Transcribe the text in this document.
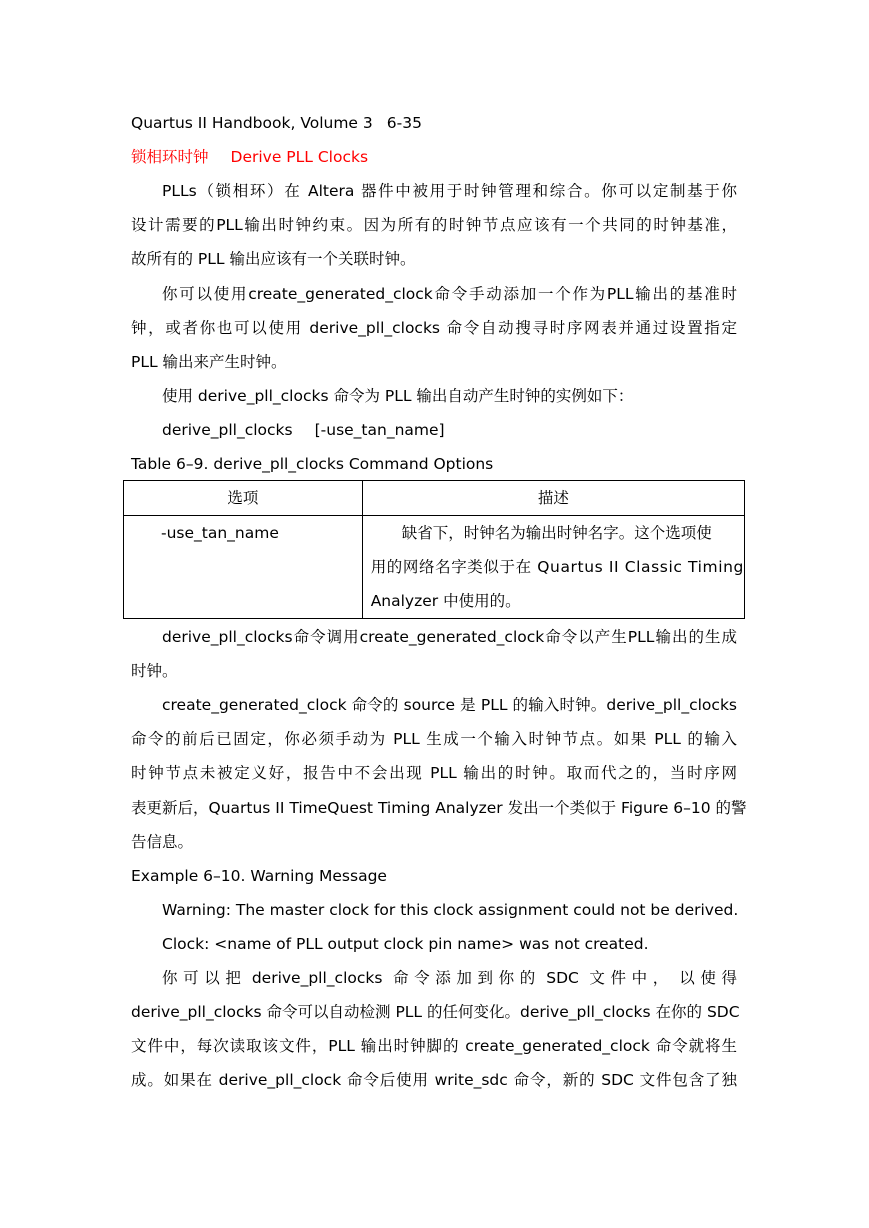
Quartus II Handbook, Volume 3 6-35
锁相环时钟 Derive PLL Clocks
PLLs（锁相环）在 Altera 器件中被用于时钟管理和综合。你可以定制基于你
设计需要的PLL输出时钟约束。因为所有的时钟节点应该有一个共同的时钟基准，
故所有的 PLL 输出应该有一个关联时钟。
你可以使用create_generated_clock命令手动添加一个作为PLL输出的基准时
钟，或者你也可以使用 derive_pll_clocks 命令自动搜寻时序网表并通过设置指定
PLL 输出来产生时钟。
使用 derive_pll_clocks 命令为 PLL 输出自动产生时钟的实例如下：
derive_pll_clocks [-use_tan_name]
Table 6–9. derive_pll_clocks Command Options
选项	描述
-use_tan_name	缺省下，时钟名为输出时钟名字。这个选项使
用的网络名字类似于在 Quartus II Classic Timing
Analyzer 中使用的。
derive_pll_clocks命令调用create_generated_clock命令以产生PLL输出的生成
时钟。
create_generated_clock 命令的 source 是 PLL 的输入时钟。derive_pll_clocks
命令的前后已固定，你必须手动为 PLL 生成一个输入时钟节点。如果 PLL 的输入
时钟节点未被定义好，报告中不会出现 PLL 输出的时钟。取而代之的，当时序网
表更新后，Quartus II TimeQuest Timing Analyzer 发出一个类似于 Figure 6–10 的警
告信息。
Example 6–10. Warning Message
Warning: The master clock for this clock assignment could not be derived.
Clock: <name of PLL output clock pin name> was not created.
你 可 以 把  derive_pll_clocks  命 令 添 加 到 你 的  SDC  文 件 中 ，  以 使 得
derive_pll_clocks 命令可以自动检测 PLL 的任何变化。derive_pll_clocks 在你的 SDC
文件中，每次读取该文件，PLL 输出时钟脚的 create_generated_clock 命令就将生
成。如果在 derive_pll_clock 命令后使用 write_sdc 命令，新的 SDC 文件包含了独
